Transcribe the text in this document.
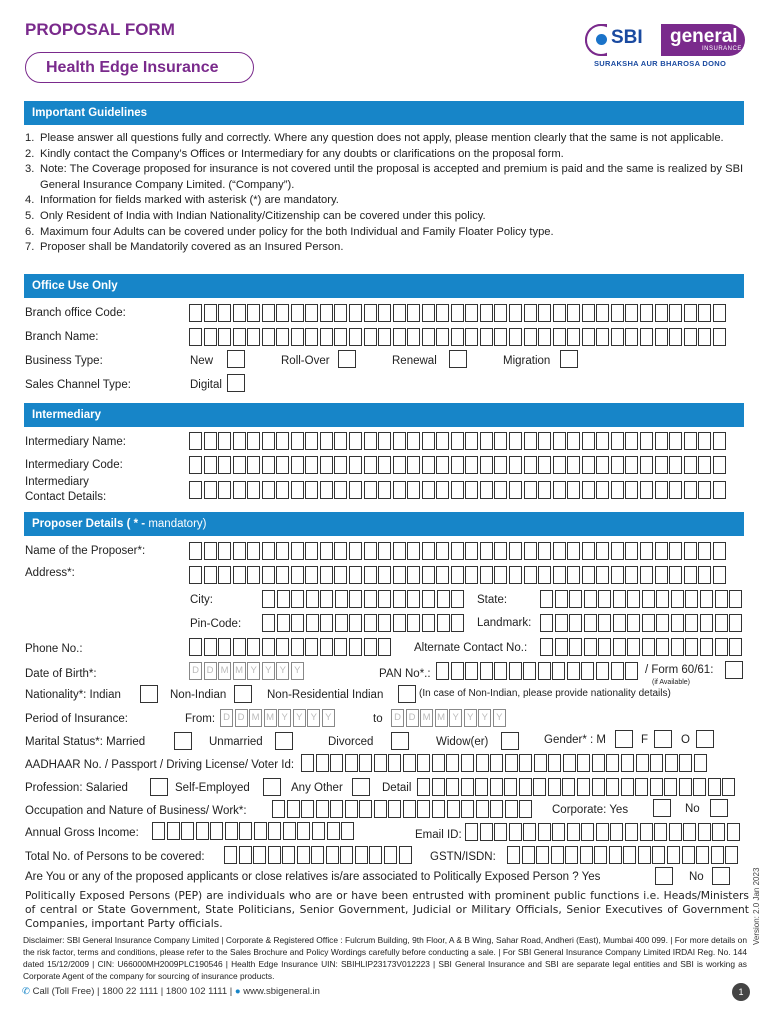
PROPOSAL FORM
Health Edge Insurance
SBI	general
INSURANCE
SURAKSHA AUR BHAROSA DONO
Important Guidelines
1. Please answer all questions fully and correctly. Where any question does not apply, please mention clearly that the same is not applicable.
2. Kindly contact the Company’s Offices or Intermediary for any doubts or clarifications on the proposal form.
3. Note: The Coverage proposed for insurance is not covered until the proposal is accepted and premium is paid and the same is realized by SBI General Insurance Company Limited. (“Company”).
4. Information for fields marked with asterisk (*) are mandatory.
5. Only Resident of India with Indian Nationality/Citizenship can be covered under this policy.
6. Maximum four Adults can be covered under policy for the both Individual and Family Floater Policy type.
7. Proposer shall be Mandatorily covered as an Insured Person.
Office Use Only
Branch office Code:
Branch Name:
Business Type:	New	Roll-Over	Renewal	Migration
Sales Channel Type:	Digital
Intermediary
Intermediary Name:
Intermediary Code:
Intermediary
Contact Details:
Proposer Details ( * - mandatory)
Name of the Proposer*:
Address*:
City:	State:
Pin-Code:	Landmark:
Phone No.:	Alternate Contact No.:
Date of Birth*:	D D M M Y Y Y Y	PAN No*.:	/ Form 60/61:
(if Available)
Nationality*: Indian	Non-Indian	Non-Residential Indian	(In case of Non-Indian, please provide nationality details)
Period of Insurance:	From: D D M M Y Y Y Y	to	D D M M Y Y Y Y
Marital Status*: Married	Unmarried	Divorced	Widow(er)	Gender* : M	F	O
AADHAAR No. / Passport / Driving License/ Voter Id:
Profession: Salaried	Self-Employed	Any Other	Detail
Occupation and Nature of Business/ Work*:	Corporate: Yes	No
Annual Gross Income:	Email ID:
Total No. of Persons to be covered:	GSTN/ISDN:
Are You or any of the proposed applicants or close relatives is/are associated to Politically Exposed Person ? Yes	No
Politically Exposed Persons (PEP) are individuals who are or have been entrusted with prominent public functions i.e. Heads/Ministers of central or State Government, State Politicians, Senior Government, Judicial or Military Officials, Senior Executives of Government Companies, important Party officials.
Disclaimer: SBI General Insurance Company Limited | Corporate & Registered Office : Fulcrum Building, 9th Floor, A & B Wing, Sahar Road, Andheri (East), Mumbai 400 099. | For more details on the risk factor, terms and conditions, please refer to the Sales Brochure and Policy Wordings carefully before conducting a sale. | For SBI General Insurance Company Limited IRDAI Reg. No. 144 dated 15/12/2009 | CIN: U66000MH2009PLC190546 | Health Edge Insurance UIN: SBIHLIP23173V012223 | SBI General Insurance and SBI are separate legal entities and SBI is working as Corporate Agent of the company for sourcing of insurance products.
✆ Call (Toll Free) | 1800 22 1111 | 1800 102 1111 | ● www.sbigeneral.in	1
Version: 2.0 Jan 2023
